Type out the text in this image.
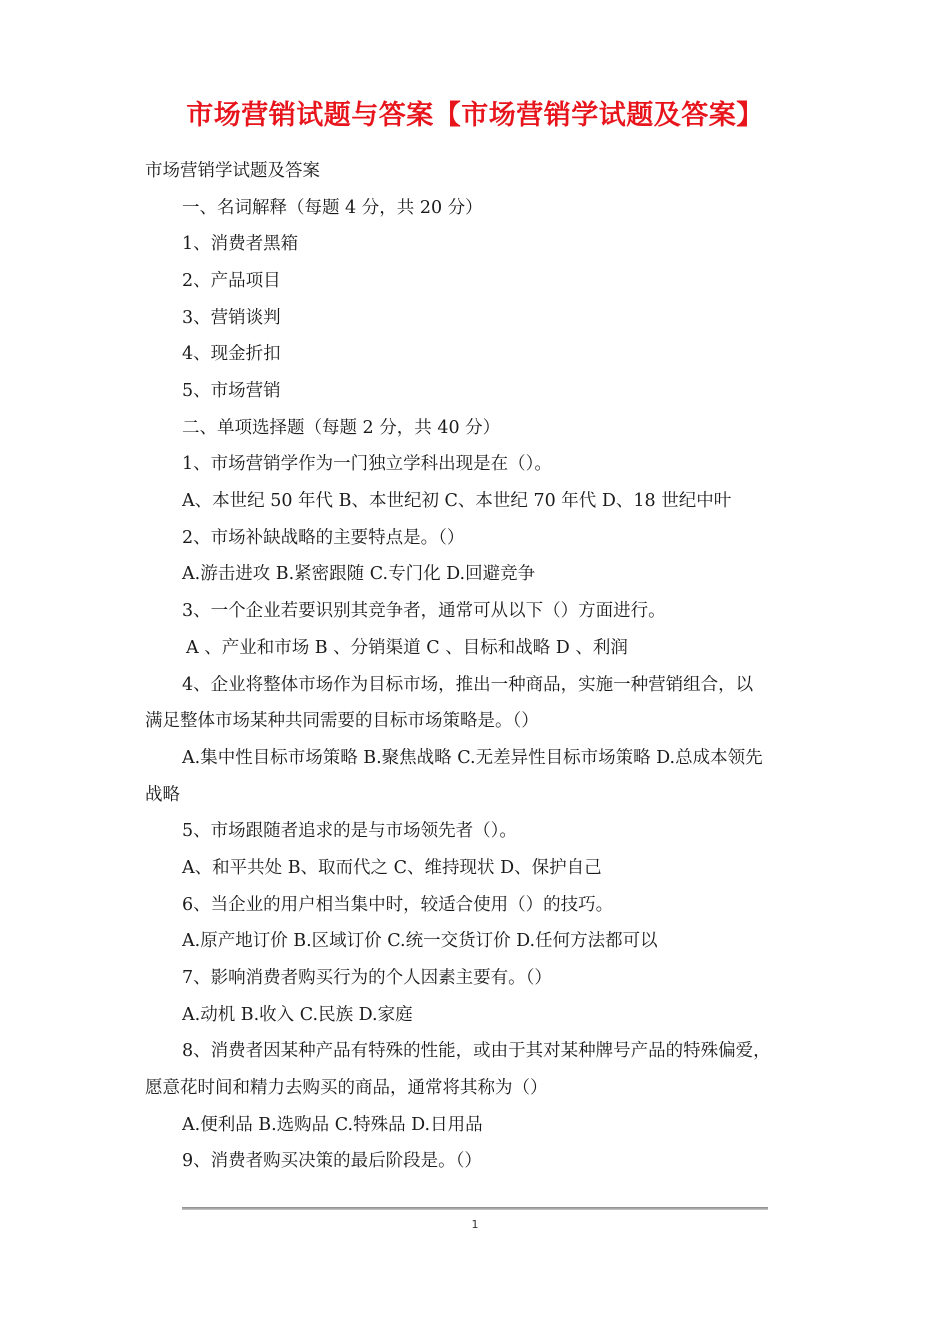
市场营销试题与答案【市场营销学试题及答案】
市场营销学试题及答案
一、名词解释（每题 4 分，共 20 分）
1、消费者黑箱
2、产品项目
3、营销谈判
4、现金折扣
5、市场营销
二、单项选择题（每题 2 分，共 40 分）
1、市场营销学作为一门独立学科出现是在（）。
A、本世纪 50 年代 B、本世纪初 C、本世纪 70 年代 D、18 世纪中叶
2、市场补缺战略的主要特点是。（）
A.游击进攻 B.紧密跟随 C.专门化 D.回避竞争
3、一个企业若要识别其竞争者，通常可从以下（）方面进行。
A 、产业和市场 B 、分销渠道 C 、目标和战略 D 、利润
4、企业将整体市场作为目标市场，推出一种商品，实施一种营销组合，以
满足整体市场某种共同需要的目标市场策略是。（）
A.集中性目标市场策略 B.聚焦战略 C.无差异性目标市场策略 D.总成本领先
战略
5、市场跟随者追求的是与市场领先者（）。
A、和平共处 B、取而代之 C、维持现状 D、保护自己
6、当企业的用户相当集中时，较适合使用（）的技巧。
A.原产地订价 B.区域订价 C.统一交货订价 D.任何方法都可以
7、影响消费者购买行为的个人因素主要有。（）
A.动机 B.收入 C.民族 D.家庭
8、消费者因某种产品有特殊的性能，或由于其对某种牌号产品的特殊偏爱，
愿意花时间和精力去购买的商品，通常将其称为（）
A.便利品 B.选购品 C.特殊品 D.日用品
9、消费者购买决策的最后阶段是。（）
1
